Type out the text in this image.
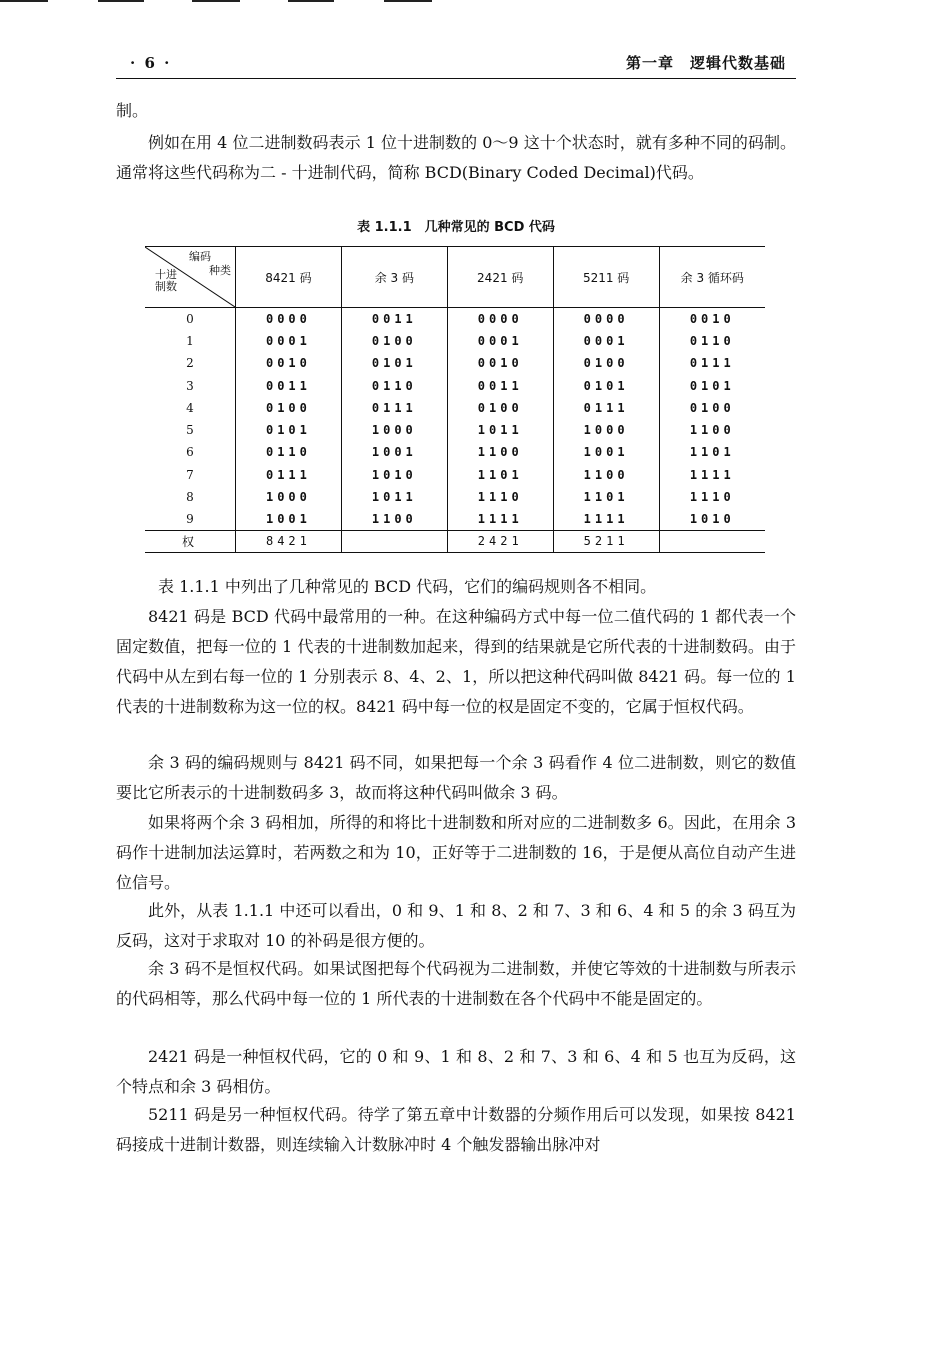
· 6 ·	第一章　逻辑代数基础

制。

例如在用 4 位二进制数码表示 1 位十进制数的 0～9 这十个状态时，就有多种不同的码制。通常将这些代码称为二 - 十进制代码，简称 BCD(Binary Coded Decimal)代码。

表 1.1.1　几种常见的 BCD 代码
编码
种类
十进制数	8421 码	余 3 码	2421 码	5211 码	余 3 循环码
0	0000	0011	0000	0000	0010
1	0001	0100	0001	0001	0110
2	0010	0101	0010	0100	0111
3	0011	0110	0011	0101	0101
4	0100	0111	0100	0111	0100
5	0101	1000	1011	1000	1100
6	0110	1001	1100	1001	1101
7	0111	1010	1101	1100	1111
8	1000	1011	1110	1101	1110
9	1001	1100	1111	1111	1010
权	8421		2421	5211	

表 1.1.1 中列出了几种常见的 BCD 代码，它们的编码规则各不相同。

8421 码是 BCD 代码中最常用的一种。在这种编码方式中每一位二值代码的 1 都代表一个固定数值，把每一位的 1 代表的十进制数加起来，得到的结果就是它所代表的十进制数码。由于代码中从左到右每一位的 1 分别表示 8、4、2、1，所以把这种代码叫做 8421 码。每一位的 1 代表的十进制数称为这一位的权。8421 码中每一位的权是固定不变的，它属于恒权代码。

余 3 码的编码规则与 8421 码不同，如果把每一个余 3 码看作 4 位二进制数，则它的数值要比它所表示的十进制数码多 3，故而将这种代码叫做余 3 码。

如果将两个余 3 码相加，所得的和将比十进制数和所对应的二进制数多 6。因此，在用余 3 码作十进制加法运算时，若两数之和为 10，正好等于二进制数的 16，于是便从高位自动产生进位信号。

此外，从表 1.1.1 中还可以看出，0 和 9、1 和 8、2 和 7、3 和 6、4 和 5 的余 3 码互为反码，这对于求取对 10 的补码是很方便的。

余 3 码不是恒权代码。如果试图把每个代码视为二进制数，并使它等效的十进制数与所表示的代码相等，那么代码中每一位的 1 所代表的十进制数在各个代码中不能是固定的。

2421 码是一种恒权代码，它的 0 和 9、1 和 8、2 和 7、3 和 6、4 和 5 也互为反码，这个特点和余 3 码相仿。

5211 码是另一种恒权代码。待学了第五章中计数器的分频作用后可以发现，如果按 8421 码接成十进制计数器，则连续输入计数脉冲时 4 个触发器输出脉冲对
